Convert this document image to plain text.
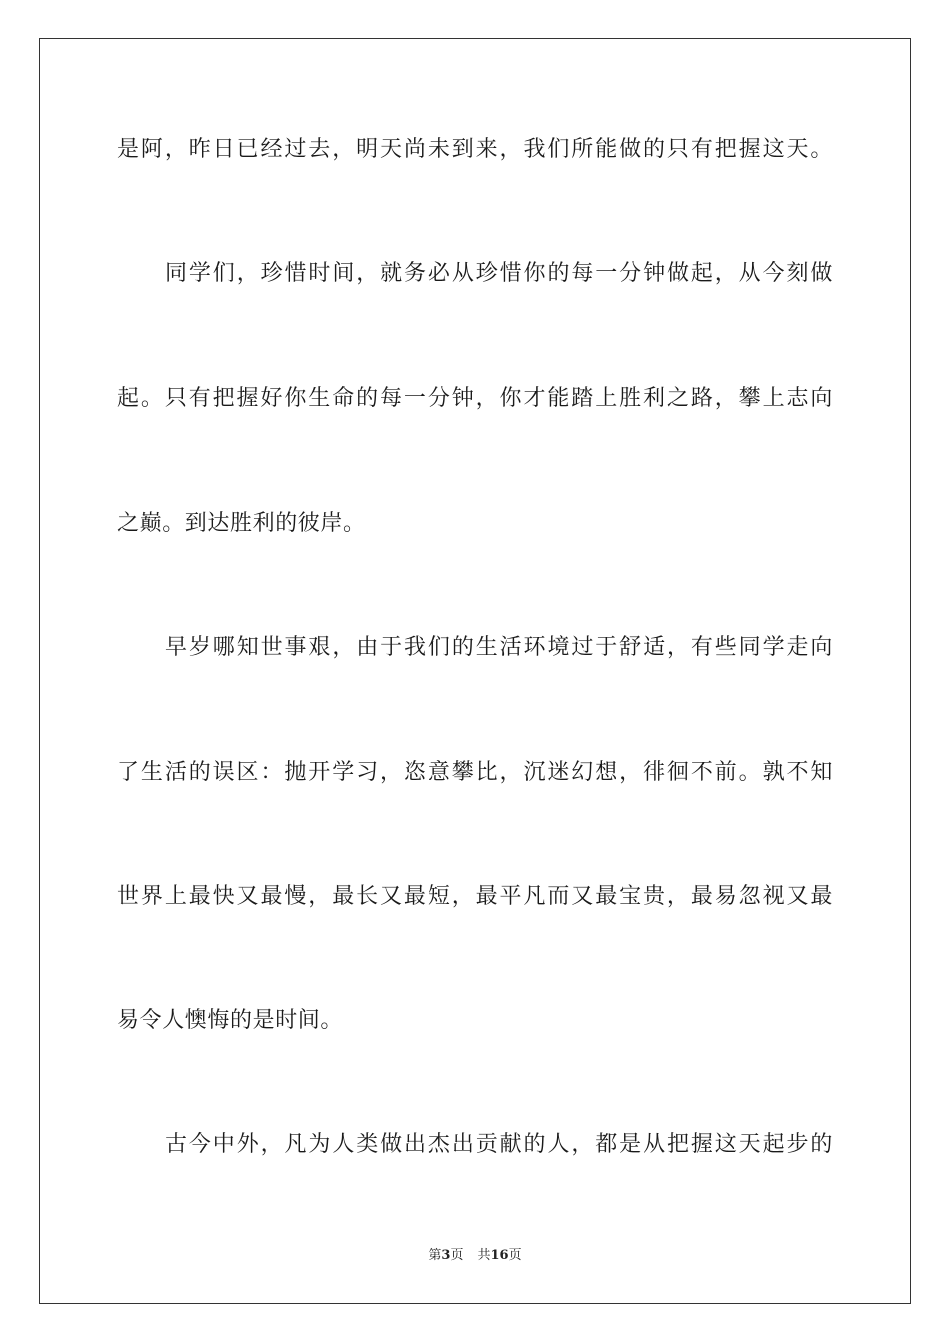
是阿，昨日已经过去，明天尚未到来，我们所能做的只有把握这天。
同学们，珍惜时间，就务必从珍惜你的每一分钟做起，从今刻做
起。只有把握好你生命的每一分钟，你才能踏上胜利之路，攀上志向
之巅。到达胜利的彼岸。
早岁哪知世事艰，由于我们的生活环境过于舒适，有些同学走向
了生活的误区：抛开学习，恣意攀比，沉迷幻想，徘徊不前。孰不知
世界上最快又最慢，最长又最短，最平凡而又最宝贵，最易忽视又最
易令人懊悔的是时间。
古今中外，凡为人类做出杰出贡献的人，都是从把握这天起步的
第3页 共16页
